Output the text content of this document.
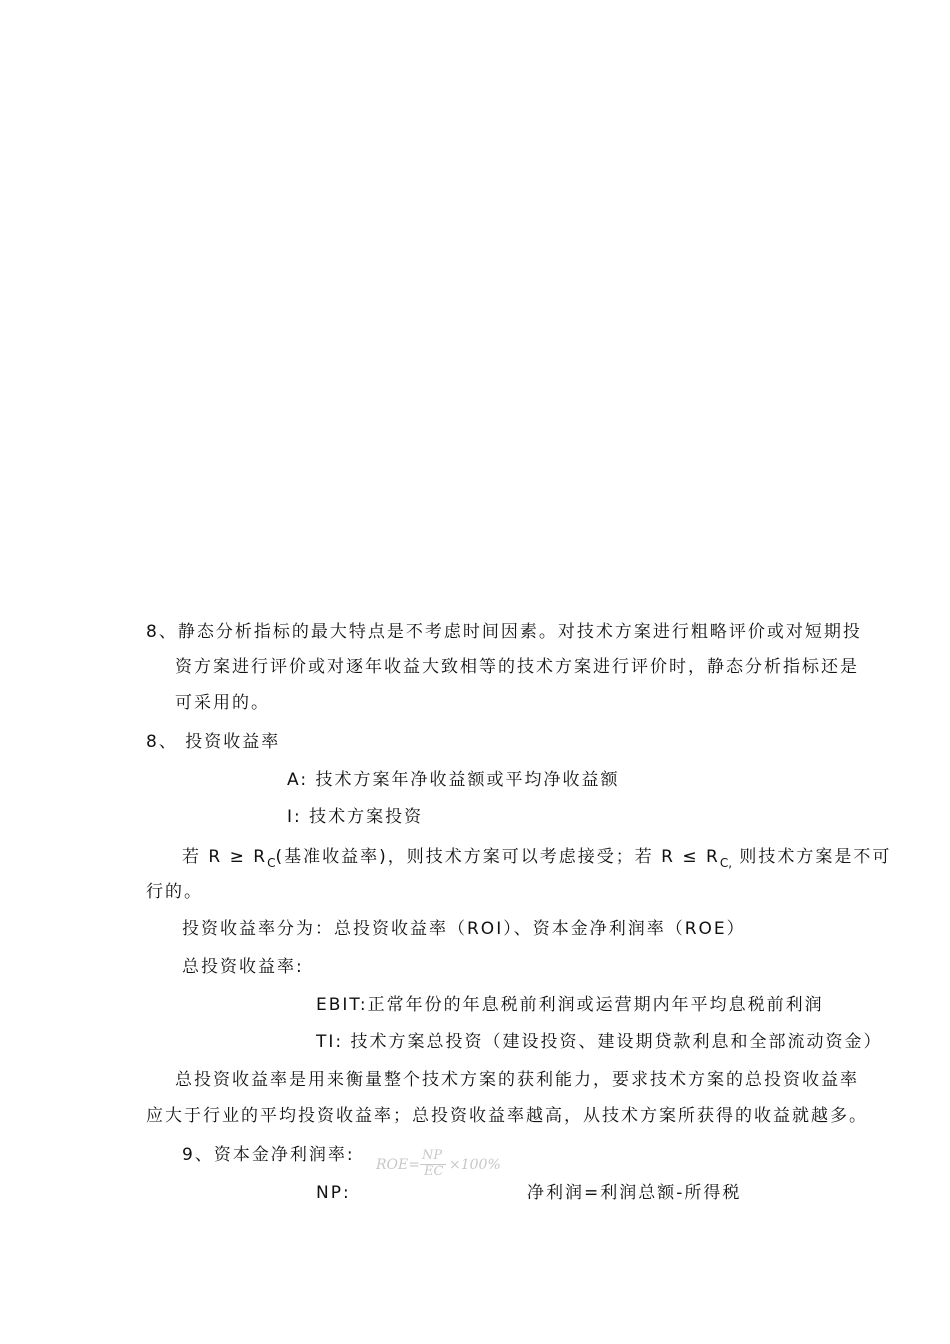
8、静态分析指标的最大特点是不考虑时间因素。对技术方案进行粗略评价或对短期投
资方案进行评价或对逐年收益大致相等的技术方案进行评价时，静态分析指标还是
可采用的。
8、 投资收益率
A: 技术方案年净收益额或平均净收益额
I: 技术方案投资
若 $R \ge R_C$(基准收益率)，则技术方案可以考虑接受；若 $R \le R_{C,}$ 则技术方案是不可
行的。
投资收益率分为：总投资收益率（ROI）、资本金净利润率（ROE）
总投资收益率:
EBIT:正常年份的年息税前利润或运营期内年平均息税前利润
TI: 技术方案总投资（建设投资、建设期贷款利息和全部流动资金）
总投资收益率是用来衡量整个技术方案的获利能力，要求技术方案的总投资收益率
应大于行业的平均投资收益率；总投资收益率越高，从技术方案所获得的收益就越多。
9、资本金净利润率: ROE=
NP
EC ×100%
NP:	净利润=利润总额-所得税
